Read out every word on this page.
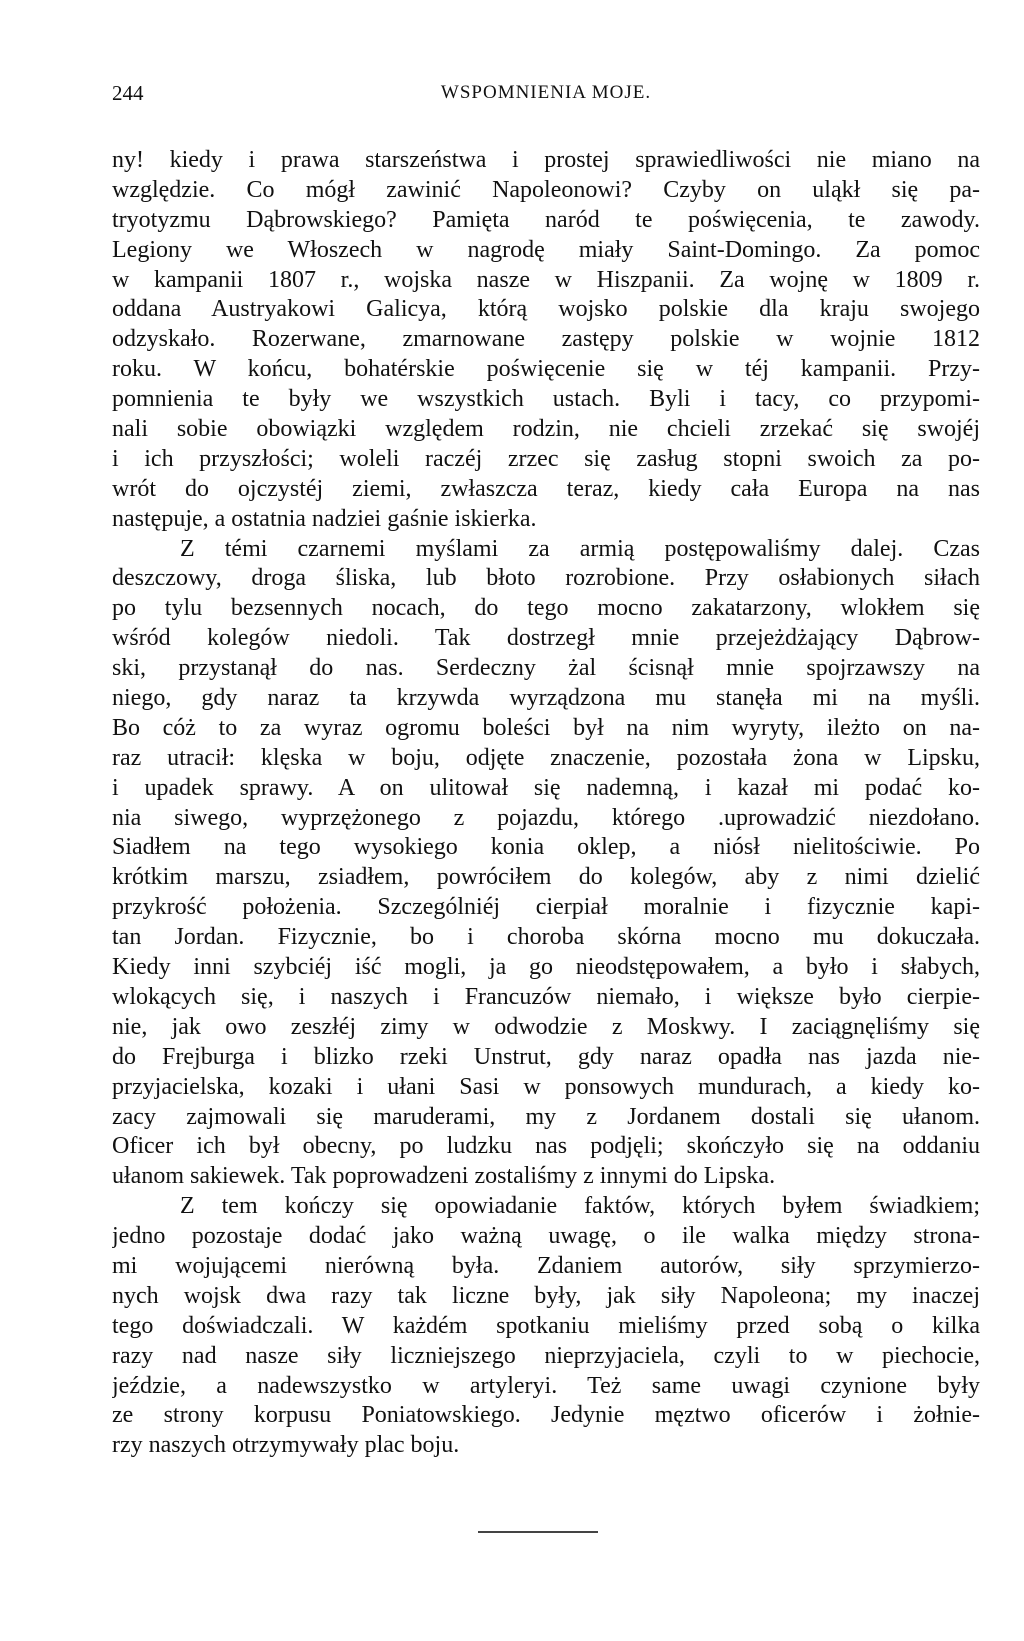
244	WSPOMNIENIA MOJE.
ny! kiedy i prawa starszeństwa i prostej sprawiedliwości nie miano na
względzie. Co mógł zawinić Napoleonowi? Czyby on uląkł się pa-
tryotyzmu Dąbrowskiego? Pamięta naród te poświęcenia, te zawody.
Legiony we Włoszech w nagrodę miały Saint-Domingo. Za pomoc
w kampanii 1807 r., wojska nasze w Hiszpanii. Za wojnę w 1809 r.
oddana Austryakowi Galicya, którą wojsko polskie dla kraju swojego
odzyskało. Rozerwane, zmarnowane zastępy polskie w wojnie 1812
roku. W końcu, bohatérskie poświęcenie się w téj kampanii. Przy-
pomnienia te były we wszystkich ustach. Byli i tacy, co przypomi-
nali sobie obowiązki względem rodzin, nie chcieli zrzekać się swojéj
i ich przyszłości; woleli raczéj zrzec się zasług stopni swoich za po-
wrót do ojczystéj ziemi, zwłaszcza teraz, kiedy cała Europa na nas
następuje, a ostatnia nadziei gaśnie iskierka.
Z témi czarnemi myślami za armią postępowaliśmy dalej. Czas
deszczowy, droga śliska, lub błoto rozrobione. Przy osłabionych siłach
po tylu bezsennych nocach, do tego mocno zakatarzony, wlokłem się
wśród kolegów niedoli. Tak dostrzegł mnie przejeżdżający Dąbrow-
ski, przystanął do nas. Serdeczny żal ścisnął mnie spojrzawszy na
niego, gdy naraz ta krzywda wyrządzona mu stanęła mi na myśli.
Bo cóż to za wyraz ogromu boleści był na nim wyryty, ileżto on na-
raz utracił: klęska w boju, odjęte znaczenie, pozostała żona w Lipsku,
i upadek sprawy. A on ulitował się nademną, i kazał mi podać ko-
nia siwego, wyprzężonego z pojazdu, którego .uprowadzić niezdołano.
Siadłem na tego wysokiego konia oklep, a niósł nielitościwie. Po
krótkim marszu, zsiadłem, powróciłem do kolegów, aby z nimi dzielić
przykrość położenia. Szczególniéj cierpiał moralnie i fizycznie kapi-
tan Jordan. Fizycznie, bo i choroba skórna mocno mu dokuczała.
Kiedy inni szybciéj iść mogli, ja go nieodstępowałem, a było i słabych,
wlokących się, i naszych i Francuzów niemało, i większe było cierpie-
nie, jak owo zeszłéj zimy w odwodzie z Moskwy. I zaciągnęliśmy się
do Frejburga i blizko rzeki Unstrut, gdy naraz opadła nas jazda nie-
przyjacielska, kozaki i ułani Sasi w ponsowych mundurach, a kiedy ko-
zacy zajmowali się maruderami, my z Jordanem dostali się ułanom.
Oficer ich był obecny, po ludzku nas podjęli; skończyło się na oddaniu
ułanom sakiewek. Tak poprowadzeni zostaliśmy z innymi do Lipska.
Z tem kończy się opowiadanie faktów, których byłem świadkiem;
jedno pozostaje dodać jako ważną uwagę, o ile walka między strona-
mi wojującemi nierówną była. Zdaniem autorów, siły sprzymierzo-
nych wojsk dwa razy tak liczne były, jak siły Napoleona; my inaczej
tego doświadczali. W każdém spotkaniu mieliśmy przed sobą o kilka
razy nad nasze siły liczniejszego nieprzyjaciela, czyli to w piechocie,
jeździe, a nadewszystko w artyleryi. Też same uwagi czynione były
ze strony korpusu Poniatowskiego. Jedynie męztwo oficerów i żołnie-
rzy naszych otrzymywały plac boju.
